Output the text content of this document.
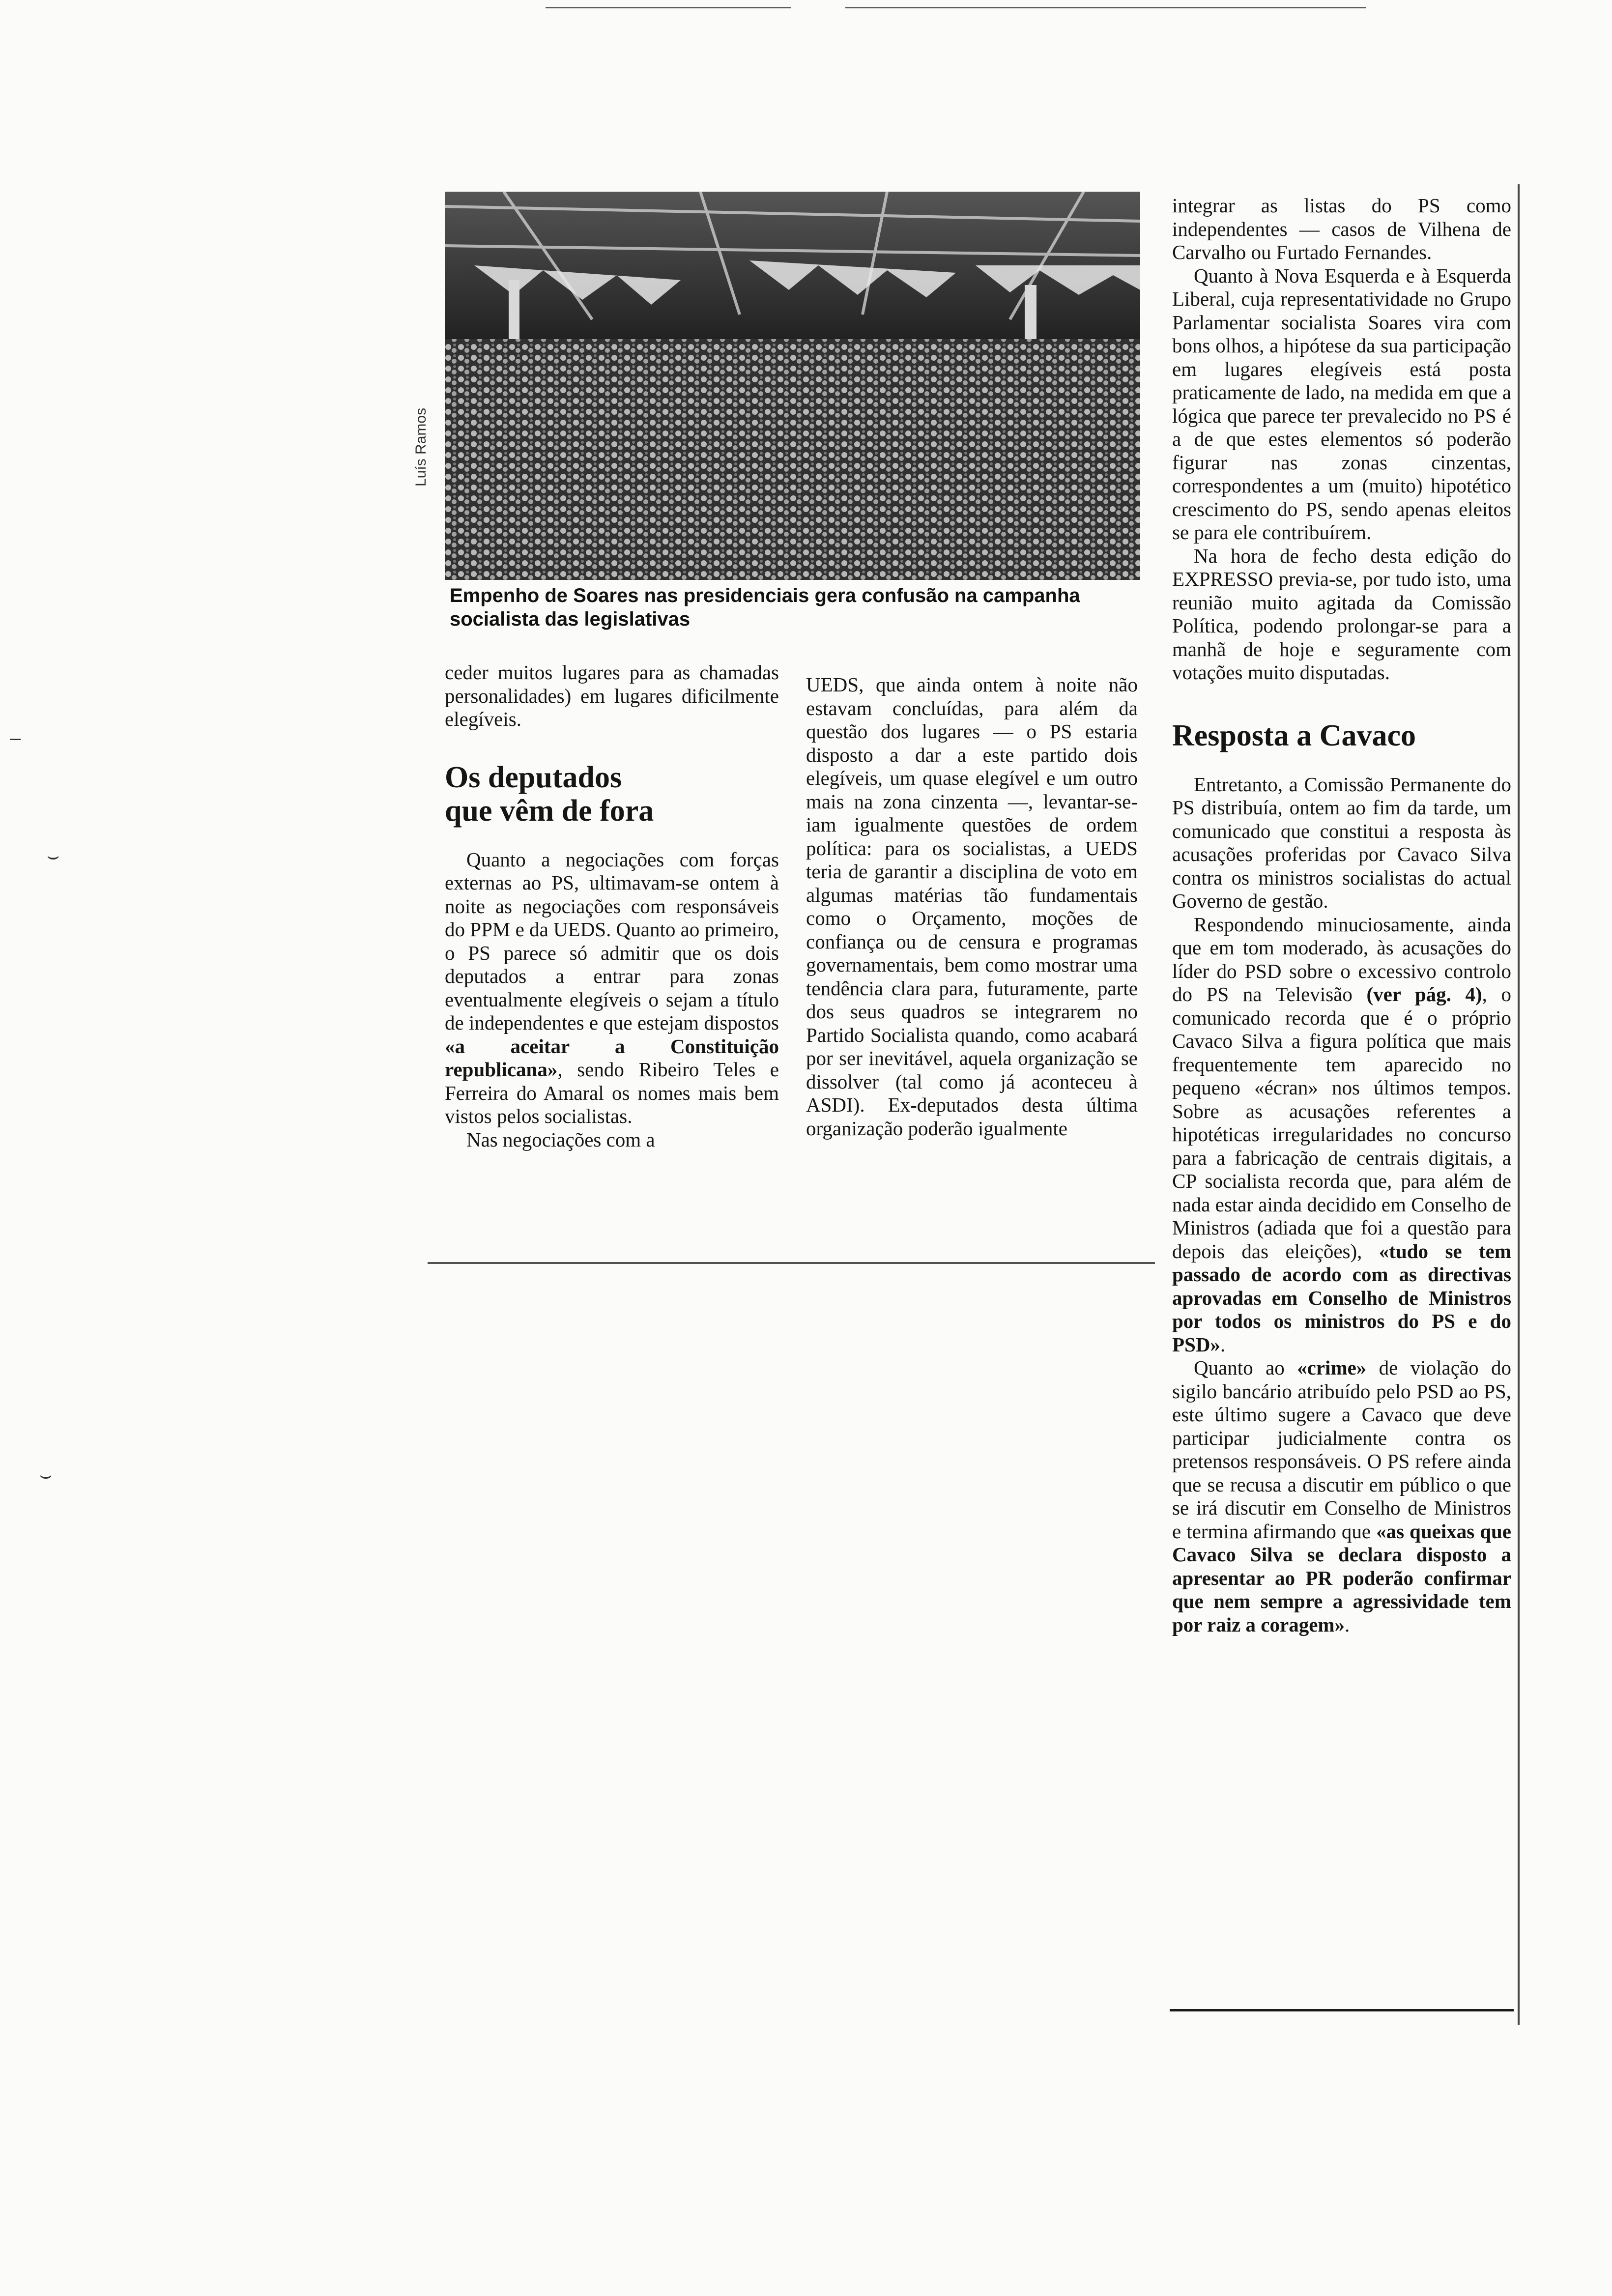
Luís Ramos
Empenho de Soares nas presidenciais gera confusão na campanha socialista das legislativas

ceder muitos lugares para as chamadas personalidades) em lugares dificilmente elegíveis.

Os deputados

que vêm de fora

Quanto a negociações com forças externas ao PS, ultimavam-se ontem à noite as negociações com responsáveis do PPM e da UEDS. Quanto ao primeiro, o PS parece só admitir que os dois deputados a entrar para zonas eventualmente elegíveis o sejam a título de independentes e que estejam dispostos «a aceitar a Constituição republicana», sendo Ribeiro Teles e Ferreira do Amaral os nomes mais bem vistos pelos socialistas.

Nas negociações com a

UEDS, que ainda ontem à noite não estavam concluídas, para além da questão dos lugares — o PS estaria disposto a dar a este partido dois elegíveis, um quase elegível e um outro mais na zona cinzenta —, levantar-se-iam igualmente questões de ordem política: para os socialistas, a UEDS teria de garantir a disciplina de voto em algumas matérias tão fundamentais como o Orçamento, moções de confiança ou de censura e programas governamentais, bem como mostrar uma tendência clara para, futuramente, parte dos seus quadros se integrarem no Partido Socialista quando, como acabará por ser inevitável, aquela organização se dissolver (tal como já aconteceu à ASDI). Ex-deputados desta última organização poderão igualmente

integrar as listas do PS como independentes — casos de Vilhena de Carvalho ou Furtado Fernandes.

Quanto à Nova Esquerda e à Esquerda Liberal, cuja representatividade no Grupo Parlamentar socialista Soares vira com bons olhos, a hipótese da sua participação em lugares elegíveis está posta praticamente de lado, na medida em que a lógica que parece ter prevalecido no PS é a de que estes elementos só poderão figurar nas zonas cinzentas, correspondentes a um (muito) hipotético crescimento do PS, sendo apenas eleitos se para ele contribuírem.

Na hora de fecho desta edição do EXPRESSO previa-se, por tudo isto, uma reunião muito agitada da Comissão Política, podendo prolongar-se para a manhã de hoje e seguramente com votações muito disputadas.

Resposta a Cavaco

Entretanto, a Comissão Permanente do PS distribuía, ontem ao fim da tarde, um comunicado que constitui a resposta às acusações proferidas por Cavaco Silva contra os ministros socialistas do actual Governo de gestão.

Respondendo minuciosamente, ainda que em tom moderado, às acusações do líder do PSD sobre o excessivo controlo do PS na Televisão (ver pág. 4), o comunicado recorda que é o próprio Cavaco Silva a figura política que mais frequentemente tem aparecido no pequeno «écran» nos últimos tempos. Sobre as acusações referentes a hipotéticas irregularidades no concurso para a fabricação de centrais digitais, a CP socialista recorda que, para além de nada estar ainda decidido em Conselho de Ministros (adiada que foi a questão para depois das eleições), «tudo se tem passado de acordo com as directivas aprovadas em Conselho de Ministros por todos os ministros do PS e do PSD».

Quanto ao «crime» de violação do sigilo bancário atribuído pelo PSD ao PS, este último sugere a Cavaco que deve participar judicialmente contra os pretensos responsáveis. O PS refere ainda que se recusa a discutir em público o que se irá discutir em Conselho de Ministros e termina afirmando que «as queixas que Cavaco Silva se declara disposto a apresentar ao PR poderão confirmar que nem sempre a agressividade tem por raiz a coragem».

–
⌣
⌣
